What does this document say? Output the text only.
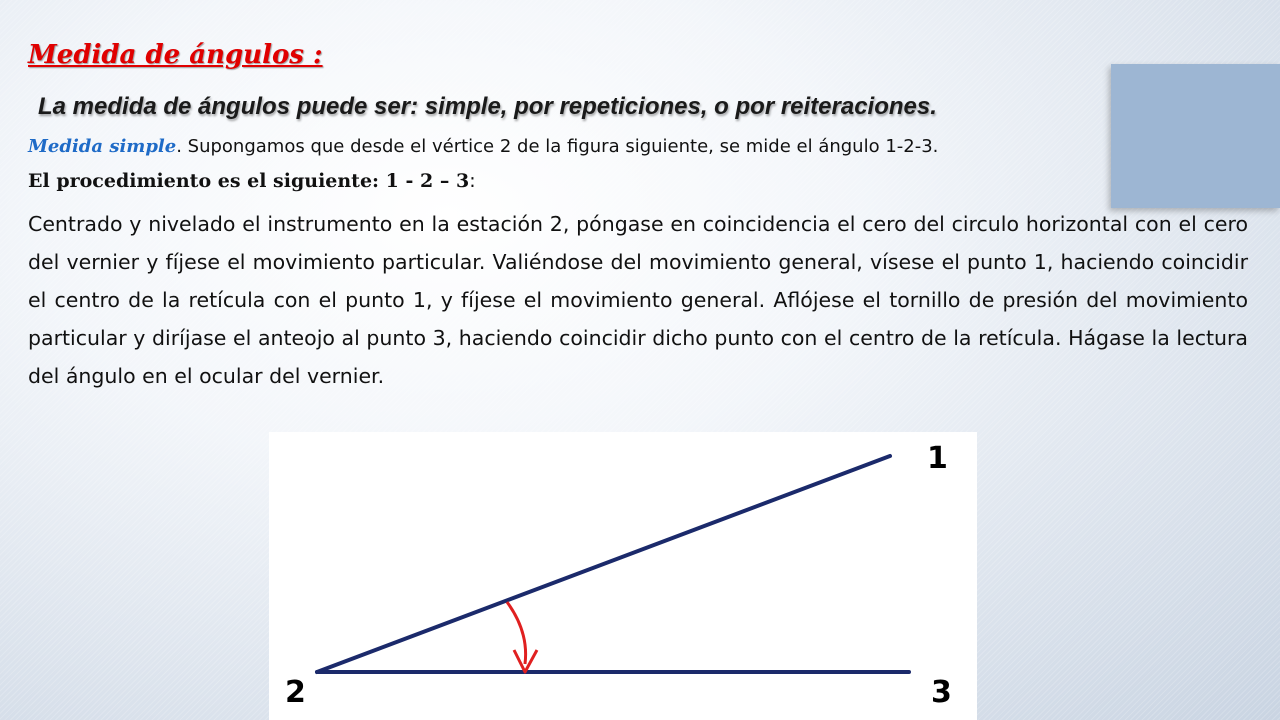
Medida de ángulos :

La medida de ángulos puede ser: simple, por repeticiones, o por reiteraciones.

Medida simple. Supongamos que desde el vértice 2 de la figura siguiente, se mide el ángulo 1-2-3.

El procedimiento es el siguiente: 1 - 2 – 3:

Centrado y nivelado el instrumento en la estación 2, póngase en coincidencia el cero del circulo horizontal con el cero del vernier y fíjese el movimiento particular. Valiéndose del movimiento general, vísese el punto 1, haciendo coincidir el centro de la retícula con el punto 1, y fíjese el movimiento general. Aflójese el tornillo de presión del movimiento particular y diríjase el anteojo al punto 3, haciendo coincidir dicho punto con el centro de la retícula. Hágase la lectura del ángulo en el ocular del vernier.

1
2	3
